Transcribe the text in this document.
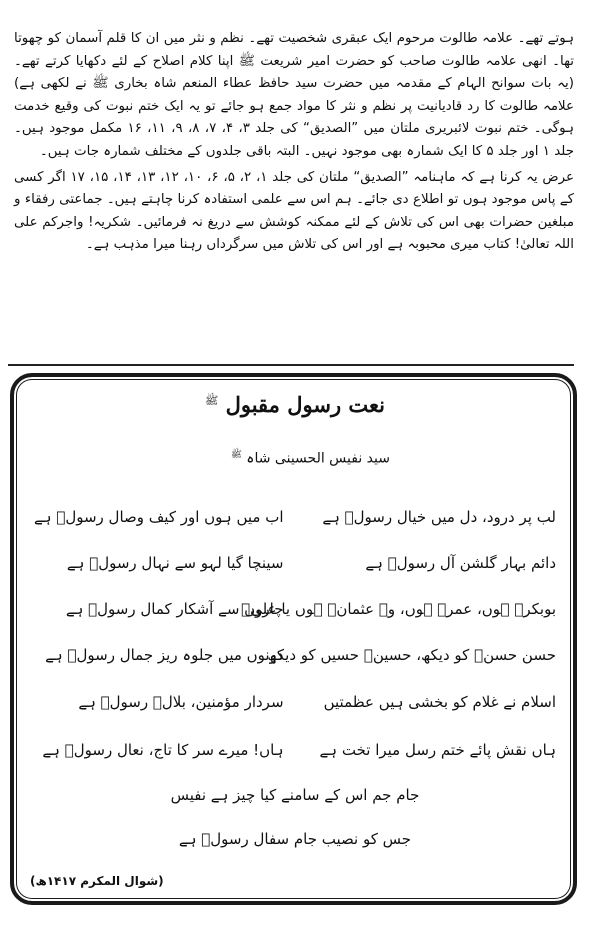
ہوتے تھے۔ علامہ طالوت مرحوم ایک عبقری شخصیت تھے۔ نظم و نثر میں ان کا قلم آسمان کو چھوتا تھا۔ انھی علامہ طالوت صاحب کو حضرت امیر شریعت ﷺ اپنا کلام اصلاح کے لئے دکھایا کرتے تھے۔ (یہ بات سوانح الہام کے مقدمہ میں حضرت سید حافظ عطاء المنعم شاہ بخاری ﷺ نے لکھی ہے) علامہ طالوت کا رد قادیانیت پر نظم و نثر کا مواد جمع ہو جائے تو یہ ایک ختم نبوت کی وقیع خدمت ہوگی۔ ختم نبوت لائبریری ملتان میں ”الصدیق“ کی جلد ۳، ۴، ۷، ۸، ۹، ۱۱، ۱۶ مکمل موجود ہیں۔ جلد ۱ اور جلد ۵ کا ایک شمارہ بھی موجود نہیں۔ البتہ باقی جلدوں کے مختلف شمارہ جات ہیں۔

عرض یہ کرنا ہے کہ ماہنامہ ”الصدیق“ ملتان کی جلد ۱، ۲، ۵، ۶، ۱۰، ۱۲، ۱۳، ۱۴، ۱۵، ۱۷ اگر کسی کے پاس موجود ہوں تو اطلاع دی جائے۔ ہم اس سے علمی استفادہ کرنا چاہتے ہیں۔ جماعتی رفقاء و مبلغین حضرات بھی اس کی تلاش کے لئے ممکنہ کوشش سے دریغ نہ فرمائیں۔ شکریہ! واجرکم علی اللہ تعالیٰ! کتاب میری محبوبہ ہے اور اس کی تلاش میں سرگرداں رہنا میرا مذہب ہے۔

نعت رسول مقبول $^ﷺ$
سید نفیس الحسینی شاہ $^ﷺ$
لب پر درود، دل میں خیال رسولؐ ہے
اب میں ہوں اور کیف وصال رسولؐ ہے
دائم بہار گلشن آل رسولؐ ہے
سینچا گیا لہو سے نہال رسولؐ ہے
بوبکرؓ ہوں، عمرؓ ہوں، وہ عثمانؓ ہوں یا علیؓ
چاروں سے آشکار کمال رسولؐ ہے
حسن حسنؓ کو دیکھ، حسینؓ حسیں کو دیکھ
دونوں میں جلوہ ریز جمال رسولؐ ہے
اسلام نے غلام کو بخشی ہیں عظمتیں
سردار مؤمنین، بلالؓ رسولؐ ہے
ہاں نقش پائے ختم رسل میرا تخت ہے
ہاں! میرے سر کا تاج، نعال رسولؐ ہے
جام جم اس کے سامنے کیا چیز ہے نفیس
جس کو نصیب جام سفال رسولؐ ہے
(شوال المکرم ۱۴۱۷ھ)
